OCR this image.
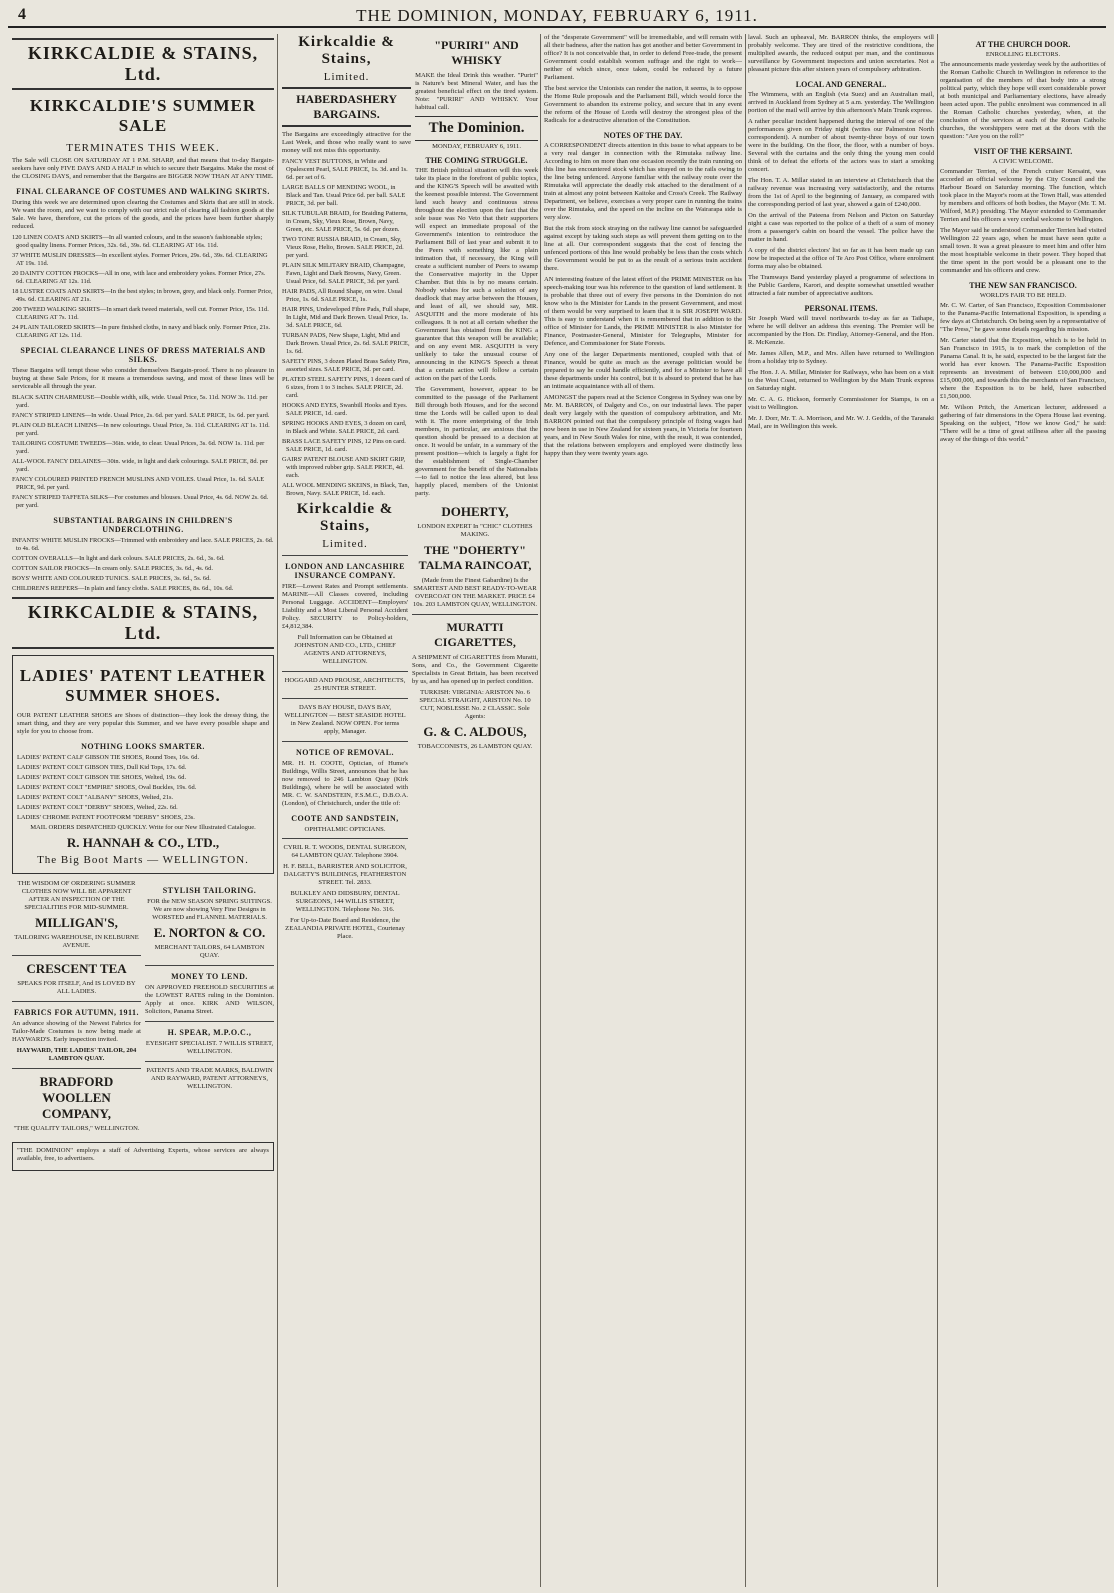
4	THE DOMINION, MONDAY, FEBRUARY 6, 1911.
KIRKCALDIE & STAINS, Ltd.
KIRKCALDIE'S SUMMER SALE
TERMINATES THIS WEEK.

The Sale will CLOSE ON SATURDAY AT 1 P.M. SHARP, and that means that to-day Bargain-seekers have only FIVE DAYS AND A HALF in which to secure their Bargains. Make the most of the CLOSING DAYS, and remember that the Bargains are BIGGER NOW THAN AT ANY TIME.

FINAL CLEARANCE OF COSTUMES AND WALKING SKIRTS.

During this week we are determined upon clearing the Costumes and Skirts that are still in stock. We want the room, and we want to comply with our strict rule of clearing all fashion goods at the Sale. We have, therefore, cut the prices of the goods, and the prices have been further sharply reduced.

120 LINEN COATS AND SKIRTS—In all wanted colours, and in the season's fashionable styles; good quality linens. Former Prices, 32s. 6d., 39s. 6d. CLEARING AT 16s. 11d.

37 WHITE MUSLIN DRESSES—In excellent styles. Former Prices, 29s. 6d., 39s. 6d. CLEARING AT 19s. 11d.

20 DAINTY COTTON FROCKS—All in one, with lace and embroidery yokes. Former Price, 27s. 6d. CLEARING AT 12s. 11d.

18 LUSTRE COATS AND SKIRTS—In the best styles; in brown, grey, and black only. Former Price, 49s. 6d. CLEARING AT 21s.

200 TWEED WALKING SKIRTS—In smart dark tweed materials, well cut. Former Price, 15s. 11d. CLEARING AT 7s. 11d.

24 PLAIN TAILORED SKIRTS—In pure finished cloths, in navy and black only. Former Price, 21s. CLEARING AT 12s. 11d.

SPECIAL CLEARANCE LINES OF DRESS MATERIALS AND SILKS.

These Bargains will tempt those who consider themselves Bargain-proof. There is no pleasure in buying at these Sale Prices, for it means a tremendous saving, and most of these lines will be serviceable all through the year.

BLACK SATIN CHARMEUSE—Double width, silk, wide. Usual Price, 5s. 11d. NOW 3s. 11d. per yard.

FANCY STRIPED LINENS—In wide. Usual Price, 2s. 6d. per yard. SALE PRICE, 1s. 6d. per yard.

PLAIN OLD BLEACH LINENS—In new colourings. Usual Price, 3s. 11d. CLEARING AT 1s. 11d. per yard.

TAILORING COSTUME TWEEDS—36in. wide, to clear. Usual Prices, 3s. 6d. NOW 1s. 11d. per yard.

ALL-WOOL FANCY DELAINES—30in. wide, in light and dark colourings. SALE PRICE, 8d. per yard.

FANCY COLOURED PRINTED FRENCH MUSLINS AND VOILES. Usual Price, 1s. 6d. SALE PRICE, 9d. per yard.

FANCY STRIPED TAFFETA SILKS—For costumes and blouses. Usual Price, 4s. 6d. NOW 2s. 6d. per yard.

SUBSTANTIAL BARGAINS IN CHILDREN'S UNDERCLOTHING.

INFANTS' WHITE MUSLIN FROCKS—Trimmed with embroidery and lace. SALE PRICES, 2s. 6d. to 4s. 6d.

COTTON OVERALLS—In light and dark colours. SALE PRICES, 2s. 6d., 3s. 6d.

COTTON SAILOR FROCKS—In cream only. SALE PRICES, 3s. 6d., 4s. 6d.

BOYS' WHITE AND COLOURED TUNICS. SALE PRICES, 3s. 6d., 5s. 6d.

CHILDREN'S REEFERS—In plain and fancy cloths. SALE PRICES, 8s. 6d., 10s. 6d.

KIRKCALDIE & STAINS, Ltd.
LADIES' PATENT LEATHER SUMMER SHOES.

OUR PATENT LEATHER SHOES are Shoes of distinction—they look the dressy thing, the smart thing, and they are very popular this Summer, and we have every possible shape and style for you to choose from.

NOTHING LOOKS SMARTER.

LADIES' PATENT CALF GIBSON TIE SHOES, Round Toes, 16s. 6d.

LADIES' PATENT COLT GIBSON TIES, Dull Kid Tops, 17s. 6d.

LADIES' PATENT COLT GIBSON TIE SHOES, Welted, 19s. 6d.

LADIES' PATENT COLT "EMPIRE" SHOES, Oval Buckles, 19s. 6d.

LADIES' PATENT COLT "ALBANY" SHOES, Welted, 21s.

LADIES' PATENT COLT "DERBY" SHOES, Welted, 22s. 6d.

LADIES' CHROME PATENT FOOTFORM "DERBY" SHOES, 23s.

MAIL ORDERS DISPATCHED QUICKLY. Write for our New Illustrated Catalogue.

R. HANNAH & CO., LTD.,
The Big Boot Marts — WELLINGTON.

THE WISDOM OF ORDERING SUMMER CLOTHES NOW WILL BE APPARENT AFTER AN INSPECTION OF THE SPECIALITIES FOR MID-SUMMER.

MILLIGAN'S,

TAILORING WAREHOUSE, IN KELBURNE AVENUE.

CRESCENT TEA

SPEAKS FOR ITSELF, And IS LOVED BY ALL LADIES.

FABRICS FOR AUTUMN, 1911.

An advance showing of the Newest Fabrics for Tailor-Made Costumes is now being made at HAYWARD'S. Early inspection invited.

HAYWARD, THE LADIES' TAILOR, 204 LAMBTON QUAY.

BRADFORD WOOLLEN COMPANY,

"THE QUALITY TAILORS," WELLINGTON.

STYLISH TAILORING.

FOR the NEW SEASON SPRING SUITINGS. We are now showing Very Fine Designs in WORSTED and FLANNEL MATERIALS.

E. NORTON & CO.

MERCHANT TAILORS, 64 LAMBTON QUAY.

MONEY TO LEND.

ON APPROVED FREEHOLD SECURITIES at the LOWEST RATES ruling in the Dominion. Apply at once. KIRK AND WILSON, Solicitors, Panama Street.

H. SPEAR, M.P.O.C.,

EYESIGHT SPECIALIST. 7 WILLIS STREET, WELLINGTON.

PATENTS AND TRADE MARKS, BALDWIN AND RAYWARD, PATENT ATTORNEYS, WELLINGTON.

"THE DOMINION" employs a staff of Advertising Experts, whose services are always available, free, to advertisers.

Kirkcaldie & Stains,
Limited.
HABERDASHERY BARGAINS.

The Bargains are exceedingly attractive for the Last Week, and those who really want to save money will not miss this opportunity.

FANCY VEST BUTTONS, in White and Opalescent Pearl, SALE PRICE, 1s. 3d. and 1s. 6d. per set of 6.

LARGE BALLS OF MENDING WOOL, in Black and Tan. Usual Price 6d. per ball. SALE PRICE, 3d. per ball.

SILK TUBULAR BRAID, for Braiding Patterns, in Cream, Sky, Vieux Rose, Brown, Navy, Green, etc. SALE PRICE, 5s. 6d. per dozen.

TWO TONE RUSSIA BRAID, in Cream, Sky, Vieux Rose, Helio, Brown. SALE PRICE, 2d. per yard.

PLAIN SILK MILITARY BRAID, Champagne, Fawn, Light and Dark Browns, Navy, Green. Usual Price, 6d. SALE PRICE, 3d. per yard.

HAIR PADS, All Round Shape, on wire. Usual Price, 1s. 6d. SALE PRICE, 1s.

HAIR PINS, Undeveloped Fibre Pads, Full shape, In Light, Mid and Dark Brown. Usual Price, 1s. 3d. SALE PRICE, 6d.

TURBAN PADS, New Shape, Light, Mid and Dark Brown. Usual Price, 2s. 6d. SALE PRICE, 1s. 6d.

SAFETY PINS, 3 dozen Plated Brass Safety Pins, assorted sizes. SALE PRICE, 3d. per card.

PLATED STEEL SAFETY PINS, 1 dozen card of 6 sizes, from 1 to 3 inches. SALE PRICE, 2d. card.

HOOKS AND EYES, Swanbill Hooks and Eyes. SALE PRICE, 1d. card.

SPRING HOOKS AND EYES, 3 dozen on card, in Black and White. SALE PRICE, 2d. card.

BRASS LACE SAFETY PINS, 12 Pins on card. SALE PRICE, 1d. card.

GAIRS' PATENT BLOUSE AND SKIRT GRIP, with improved rubber grip. SALE PRICE, 4d. each.

ALL WOOL MENDING SKEINS, in Black, Tan, Brown, Navy. SALE PRICE, 1d. each.

"PURIRI" AND WHISKY

MAKE the Ideal Drink this weather. "Puriri" is Nature's best Mineral Water, and has the greatest beneficial effect on the tired system. Note: "PURIRI" AND WHISKY. Your habitual call.

The Dominion.
MONDAY, FEBRUARY 6, 1911.
THE COMING STRUGGLE.

THE British political situation will this week take its place in the forefront of public topics, and the KING'S Speech will be awaited with the keenest possible interest. The Government land such heavy and continuous stress throughout the election upon the fact that the sole issue was No Veto that their supporters will expect an immediate proposal of the Government's intention to reintroduce the Parliament Bill of last year and submit it to the Peers with something like a plain intimation that, if necessary, the King will create a sufficient number of Peers to swamp the Conservative majority in the Upper Chamber. But this is by no means certain. Nobody wishes for such a solution of any deadlock that may arise between the Houses, and least of all, we should say, MR. ASQUITH and the more moderate of his colleagues. It is not at all certain whether the Government has obtained from the KING a guarantee that this weapon will be available; and on any event MR. ASQUITH is very unlikely to take the unusual course of announcing in the KING'S Speech a threat that a certain action will follow a certain action on the part of the Lords.

The Government, however, appear to be committed to the passage of the Parliament Bill through both Houses, and for the second time the Lords will be called upon to deal with it. The more enterprising of the Irish members, in particular, are anxious that the question should be pressed to a decision at once. It would be unfair, in a summary of the present position—which is largely a fight for the establishment of Single-Chamber government for the benefit of the Nationalists—to fail to notice the less altered, but less happily placed, members of the Unionist party.

Kirkcaldie & Stains,
Limited.
LONDON AND LANCASHIRE INSURANCE COMPANY.

FIRE—Lowest Rates and Prompt settlements. MARINE—All Classes covered, including Personal Luggage. ACCIDENT—Employers' Liability and a Most Liberal Personal Accident Policy. SECURITY to Policy-holders, £4,812,384.

Full Information can be Obtained at JOHNSTON AND CO., LTD., CHIEF AGENTS AND ATTORNEYS, WELLINGTON.

HOGGARD AND PROUSE, ARCHITECTS, 25 HUNTER STREET.

DAYS BAY HOUSE, DAYS BAY, WELLINGTON — BEST SEASIDE HOTEL in New Zealand. NOW OPEN. For terms apply, Manager.

NOTICE OF REMOVAL.

MR. H. H. COOTE, Optician, of Hume's Buildings, Willis Street, announces that he has now removed to 246 Lambton Quay (Kirk Buildings), where he will be associated with MR. C. W. SANDSTEIN, F.S.M.C., D.B.O.A. (London), of Christchurch, under the title of:

COOTE AND SANDSTEIN,
OPHTHALMIC OPTICIANS.

CYRIL R. T. WOODS, DENTAL SURGEON, 64 LAMBTON QUAY. Telephone 3904.

H. F. BELL, BARRISTER AND SOLICITOR, DALGETY'S BUILDINGS, FEATHERSTON STREET. Tel. 2833.

BULKLEY AND DIDSBURY, DENTAL SURGEONS, 144 WILLIS STREET, WELLINGTON. Telephone No. 316.

For Up-to-Date Board and Residence, the ZEALANDIA PRIVATE HOTEL, Courtenay Place.

DOHERTY,

LONDON EXPERT In "CHIC" CLOTHES MAKING.

THE "DOHERTY" TALMA RAINCOAT,

(Made from the Finest Gabardine) Is the SMARTEST AND BEST READY-TO-WEAR OVERCOAT ON THE MARKET. PRICE £4 10s. 203 LAMBTON QUAY, WELLINGTON.

MURATTI CIGARETTES,

A SHIPMENT of CIGARETTES from Muratti, Sons, and Co., the Government Cigarette Specialists in Great Britain, has been received by us, and has opened up in perfect condition.

TURKISH: VIRGINIA: ARISTON No. 6 SPECIAL STRAIGHT, ARISTON No. 10 CUT, NOBLESSE No. 2 CLASSIC. Sole Agents:

G. & C. ALDOUS,

TOBACCONISTS, 26 LAMBTON QUAY.

of the "desperate Government" will be irremediable, and will remain with all their badness, after the nation has got another and better Government in office? It is not conceivable that, in order to defend Free-trade, the present Government could establish women suffrage and the right to work—neither of which since, once taken, could be reduced by a future Parliament.

The best service the Unionists can render the nation, it seems, is to oppose the Home Rule proposals and the Parliament Bill, which would force the Government to abandon its extreme policy, and secure that in any event the reform of the House of Lords will destroy the strongest plea of the Radicals for a destructive alteration of the Constitution.

NOTES OF THE DAY.

A CORRESPONDENT directs attention in this issue to what appears to be a very real danger in connection with the Rimutaka railway line. According to him on more than one occasion recently the train running on this line has encountered stock which has strayed on to the rails owing to the line being unfenced. Anyone familiar with the railway route over the Rimutaka will appreciate the deadly risk attached to the derailment of a train at almost any point between Kaitoke and Cross's Creek. The Railway Department, we believe, exercises a very proper care in running the trains over the Rimutaka, and the speed on the incline on the Wairarapa side is very slow.

But the risk from stock straying on the railway line cannot be safeguarded against except by taking such steps as will prevent them getting on to the line at all. Our correspondent suggests that the cost of fencing the unfenced portions of this line would probably be less than the costs which the Government would be put to as the result of a serious train accident there.

AN interesting feature of the latest effort of the PRIME MINISTER on his speech-making tour was his reference to the question of land settlement. It is probable that three out of every five persons in the Dominion do not know who is the Minister for Lands in the present Government, and most of them would be very surprised to learn that it is SIR JOSEPH WARD. This is easy to understand when it is remembered that in addition to the office of Minister for Lands, the PRIME MINISTER is also Minister for Finance, Postmaster-General, Minister for Telegraphs, Minister for Defence, and Commissioner for State Forests.

Any one of the larger Departments mentioned, coupled with that of Finance, would be quite as much as the average politician would be prepared to say he could handle efficiently, and for a Minister to have all these departments under his control, but it is absurd to pretend that he has an intimate acquaintance with all of them.

AMONGST the papers read at the Science Congress in Sydney was one by Mr. M. BARRON, of Dalgety and Co., on our industrial laws. The paper dealt very largely with the question of compulsory arbitration, and Mr. BARRON pointed out that the compulsory principle of fixing wages had now been in use in New Zealand for sixteen years, in Victoria for fourteen years, and in New South Wales for nine, with the result, it was contended, that the relations between employers and employed were distinctly less happy than they were twenty years ago.

laval. Such an upheaval, Mr. BARRON thinks, the employers will probably welcome. They are tired of the restrictive conditions, the multiplied awards, the reduced output per man, and the continuous surveillance by Government inspectors and union secretaries. Not a pleasant picture this after sixteen years of compulsory arbitration.

LOCAL AND GENERAL.

The Wimmera, with an English (via Suez) and an Australian mail, arrived in Auckland from Sydney at 5 a.m. yesterday. The Wellington portion of the mail will arrive by this afternoon's Main Trunk express.

A rather peculiar incident happened during the interval of one of the performances given on Friday night (writes our Palmerston North correspondent). A number of about twenty-three boys of our town were in the building. On the floor, the floor, with a number of boys. Several with the curtains and the only thing the young men could think of to defeat the efforts of the actors was to start a smoking concert.

The Hon. T. A. Millar stated in an interview at Christchurch that the railway revenue was increasing very satisfactorily, and the returns from the 1st of April to the beginning of January, as compared with the corresponding period of last year, showed a gain of £240,000.

On the arrival of the Pateena from Nelson and Picton on Saturday night a case was reported to the police of a theft of a sum of money from a passenger's cabin on board the vessel. The police have the matter in hand.

A copy of the district electors' list so far as it has been made up can now be inspected at the office of Te Aro Post Office, where enrolment forms may also be obtained.

The Tramways Band yesterday played a programme of selections in the Public Gardens, Karori, and despite somewhat unsettled weather attracted a fair number of appreciative auditors.

PERSONAL ITEMS.

Sir Joseph Ward will travel northwards to-day as far as Taihape, where he will deliver an address this evening. The Premier will be accompanied by the Hon. Dr. Findlay, Attorney-General, and the Hon. R. McKenzie.

Mr. James Allen, M.P., and Mrs. Allen have returned to Wellington from a holiday trip to Sydney.

The Hon. J. A. Millar, Minister for Railways, who has been on a visit to the West Coast, returned to Wellington by the Main Trunk express on Saturday night.

Mr. C. A. G. Hickson, formerly Commissioner for Stamps, is on a visit to Wellington.

Mr. J. Dorr, Mr. T. A. Morrison, and Mr. W. J. Geddis, of the Taranaki Mail, are in Wellington this week.

AT THE CHURCH DOOR.
ENROLLING ELECTORS.

The announcements made yesterday week by the authorities of the Roman Catholic Church in Wellington in reference to the organisation of the members of that body into a strong political party, which they hope will exert considerable power at both municipal and Parliamentary elections, have already been acted upon. The public enrolment was commenced in all the Roman Catholic churches yesterday, when, at the conclusion of the services at each of the Roman Catholic churches, the worshippers were met at the doors with the question: "Are you on the roll?"

VISIT OF THE KERSAINT.
A CIVIC WELCOME.

Commander Terrien, of the French cruiser Kersaint, was accorded an official welcome by the City Council and the Harbour Board on Saturday morning. The function, which took place in the Mayor's room at the Town Hall, was attended by members and officers of both bodies, the Mayor (Mr. T. M. Wilford, M.P.) presiding. The Mayor extended to Commander Terrien and his officers a very cordial welcome to Wellington.

The Mayor said he understood Commander Terrien had visited Wellington 22 years ago, when he must have seen quite a small town. It was a great pleasure to meet him and offer him the most hospitable welcome in their power. They hoped that the time spent in the port would be a pleasant one to the commander and his officers and crew.

THE NEW SAN FRANCISCO.
WORLD'S FAIR TO BE HELD.

Mr. C. W. Carter, of San Francisco, Exposition Commissioner to the Panama-Pacific International Exposition, is spending a few days at Christchurch. On being seen by a representative of "The Press," he gave some details regarding his mission.

Mr. Carter stated that the Exposition, which is to be held in San Francisco in 1915, is to mark the completion of the Panama Canal. It is, he said, expected to be the largest fair the world has ever known. The Panama-Pacific Exposition represents an investment of between £10,000,000 and £15,000,000, and towards this the merchants of San Francisco, where the Exposition is to be held, have subscribed £1,500,000.

Mr. Wilson Pritch, the American lecturer, addressed a gathering of fair dimensions in the Opera House last evening. Speaking on the subject, "How we know God," he said: "There will be a time of great stillness after all the passing away of the things of this world."
